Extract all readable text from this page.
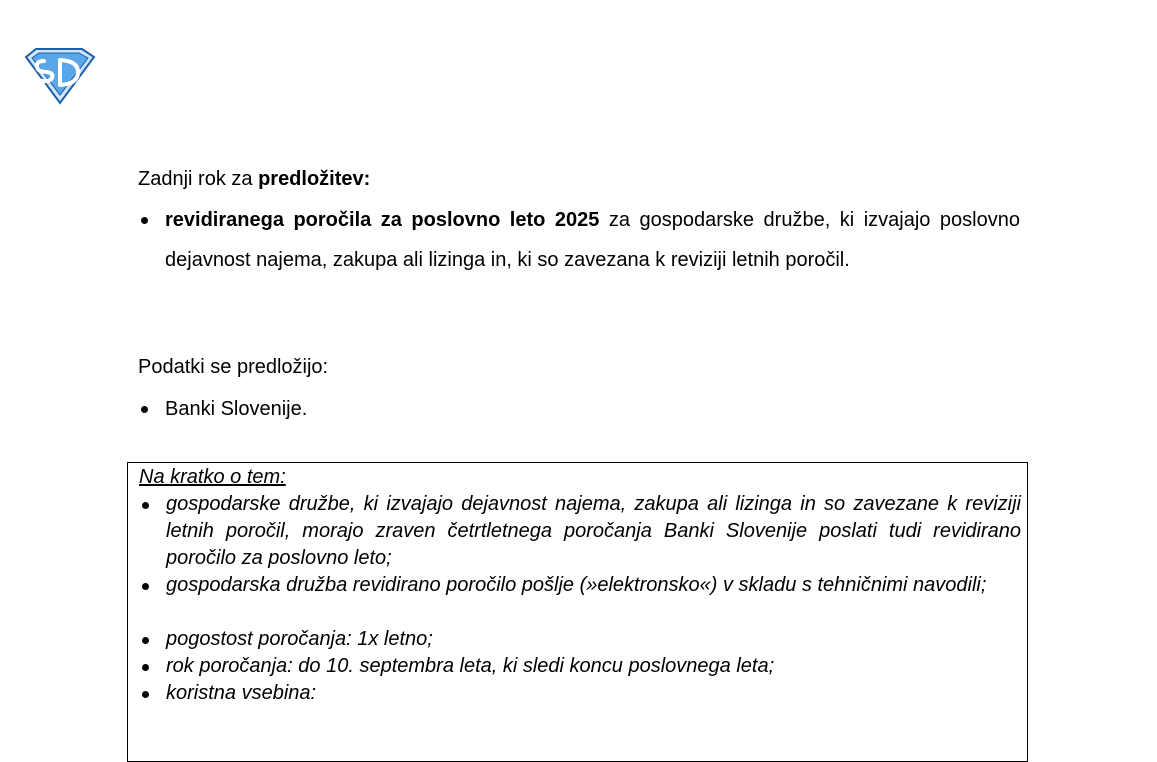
Zadnji rok za predložitev:
revidiranega poročila za poslovno leto 2025 za gospodarske družbe, ki izvajajo poslovno dejavnost najema, zakupa ali lizinga in, ki so zavezana k reviziji letnih poročil.
Podatki se predložijo:
Banki Slovenije.
Na kratko o tem:
gospodarske družbe, ki izvajajo dejavnost najema, zakupa ali lizinga in so zavezane k reviziji letnih poročil, morajo zraven četrtletnega poročanja Banki Slovenije poslati tudi revidirano poročilo za poslovno leto;
gospodarska družba revidirano poročilo pošlje (»elektronsko«) v skladu s tehničnimi navodili;
pogostost poročanja: 1x letno;
rok poročanja: do 10. septembra leta, ki sledi koncu poslovnega leta;
koristna vsebina:
